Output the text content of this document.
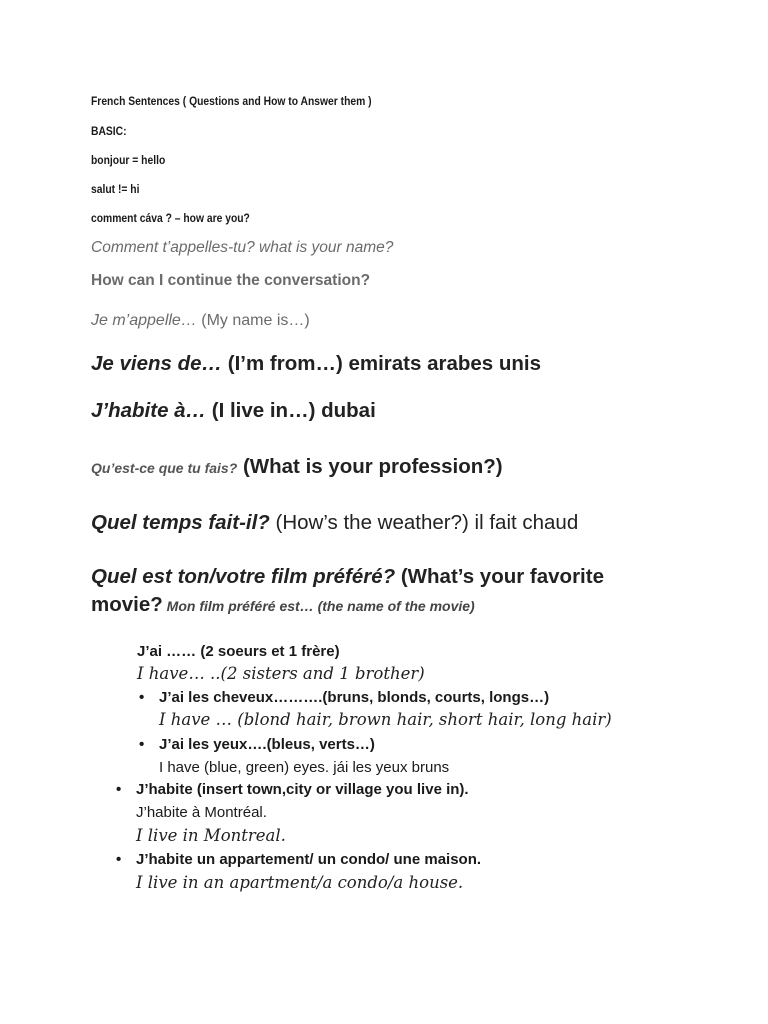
French Sentences ( Questions and How to Answer them )
BASIC:
bonjour = hello
salut != hi
comment cáva ? – how are you?
Comment t’appelles-tu? what is your name?
How can I continue the conversation?
Je m’appelle… (My name is…)
Je viens de… (I’m from…) emirats arabes unis
J’habite à… (I live in…) dubai
Qu’est-ce que tu fais? (What is your profession?)
Quel temps fait-il? (How’s the weather?) il fait chaud
Quel est ton/votre film préféré? (What’s your favorite
movie? Mon film préféré est… (the name of the movie)
J’ai …… (2 soeurs et 1 frère)
I have… ..(2 sisters and 1 brother)
• J’ai les cheveux……….(bruns, blonds, courts, longs…)
I have … (blond hair, brown hair, short hair, long hair)
• J’ai les yeux….(bleus, verts…)
I have (blue, green) eyes. jái les yeux bruns
• J’habite (insert town,city or village you live in).
J’habite à Montréal.
I live in Montreal.
• J’habite un appartement/ un condo/ une maison.
I live in an apartment/a condo/a house.
